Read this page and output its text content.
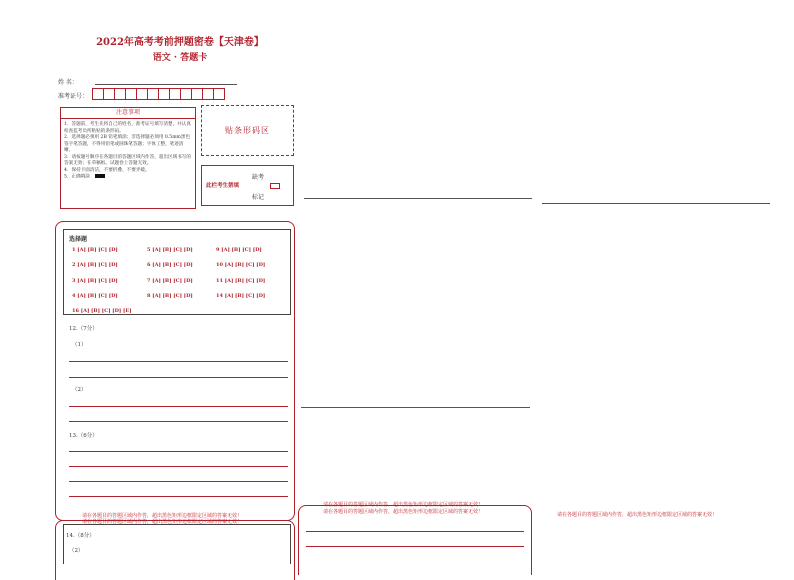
2022年高考考前押题密卷【天津卷】
语文 · 答题卡
姓 名：
准考证号：
注意事项
1．答题前，考生先将自己的姓名，准考证号填写清楚，并认真检查监考员所粘贴的条形码。
2．选择题必须用 2B 铅笔填涂；非选择题必须用 0.5mm黑色签字笔答题，不得用铅笔或圆珠笔答题；字体工整，笔迹清晰。
3．请按题号顺序在各题目的答题区域内作答，超出区域书写的答案无效；在草稿纸、试题卷上答题无效。
4．保持卡面清洁，不要折叠、不要弄破。
5．正确填涂
贴条形码区
缺考
此栏考生禁填
标记
选择题
1 [A] [B] [C] [D]
2 [A] [B] [C] [D]
3 [A] [B] [C] [D]
4 [A] [B] [C] [D]
16 [A] [B] [C] [D] [E]
5 [A] [B] [C] [D]
6 [A] [B] [C] [D]
7 [A] [B] [C] [D]
8 [A] [B] [C] [D]
9 [A] [B] [C] [D]
10 [A] [B] [C] [D]
11 [A] [B] [C] [D]
14 [A] [B] [C] [D]
12.（7分）
（1）
（2）
13.（6分）
请在各题目的答题区域内作答，超出黑色矩形边框限定区域的答案无效！
请在各题目的答题区域内作答，超出黑色矩形边框限定区域的答案无效！
14.（8分）
（2）
请在各题目的答题区域内作答，超出黑色矩形边框限定区域的答案无效！
请在各题目的答题区域内作答，超出黑色矩形边框限定区域的答案无效！	请在各题目的答题区域内作答，超出黑色矩形边框限定区域的答案无效！
